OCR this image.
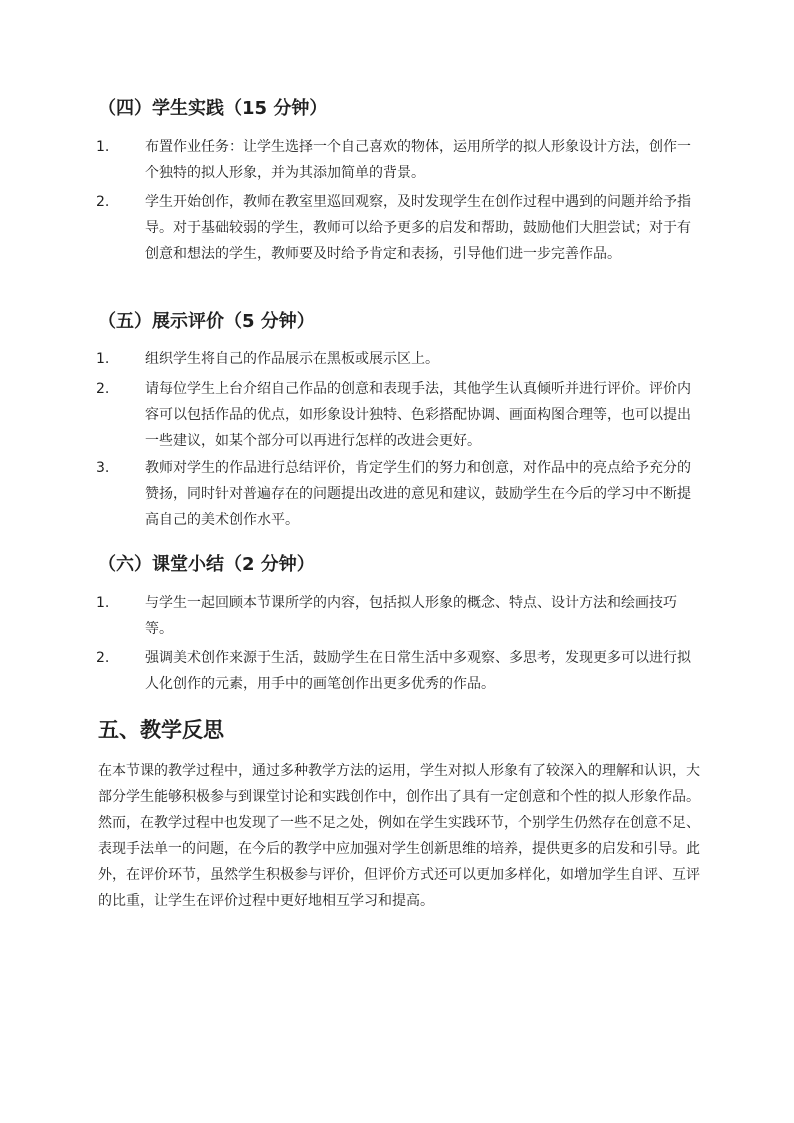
（四）学生实践（15 分钟）
1.	布置作业任务：让学生选择一个自己喜欢的物体，运用所学的拟人形象设计方法，创作一个独特的拟人形象，并为其添加简单的背景。

2.	学生开始创作，教师在教室里巡回观察，及时发现学生在创作过程中遇到的问题并给予指导。对于基础较弱的学生，教师可以给予更多的启发和帮助，鼓励他们大胆尝试；对于有创意和想法的学生，教师要及时给予肯定和表扬，引导他们进一步完善作品。

（五）展示评价（5 分钟）
1.	组织学生将自己的作品展示在黑板或展示区上。

2.	请每位学生上台介绍自己作品的创意和表现手法，其他学生认真倾听并进行评价。评价内容可以包括作品的优点，如形象设计独特、色彩搭配协调、画面构图合理等，也可以提出一些建议，如某个部分可以再进行怎样的改进会更好。

3.	教师对学生的作品进行总结评价，肯定学生们的努力和创意，对作品中的亮点给予充分的赞扬，同时针对普遍存在的问题提出改进的意见和建议，鼓励学生在今后的学习中不断提高自己的美术创作水平。

（六）课堂小结（2 分钟）
1.	与学生一起回顾本节课所学的内容，包括拟人形象的概念、特点、设计方法和绘画技巧等。

2.	强调美术创作来源于生活，鼓励学生在日常生活中多观察、多思考，发现更多可以进行拟人化创作的元素，用手中的画笔创作出更多优秀的作品。

五、教学反思

在本节课的教学过程中，通过多种教学方法的运用，学生对拟人形象有了较深入的理解和认识，大部分学生能够积极参与到课堂讨论和实践创作中，创作出了具有一定创意和个性的拟人形象作品。然而，在教学过程中也发现了一些不足之处，例如在学生实践环节，个别学生仍然存在创意不足、表现手法单一的问题，在今后的教学中应加强对学生创新思维的培养，提供更多的启发和引导。此外，在评价环节，虽然学生积极参与评价，但评价方式还可以更加多样化，如增加学生自评、互评的比重，让学生在评价过程中更好地相互学习和提高。
